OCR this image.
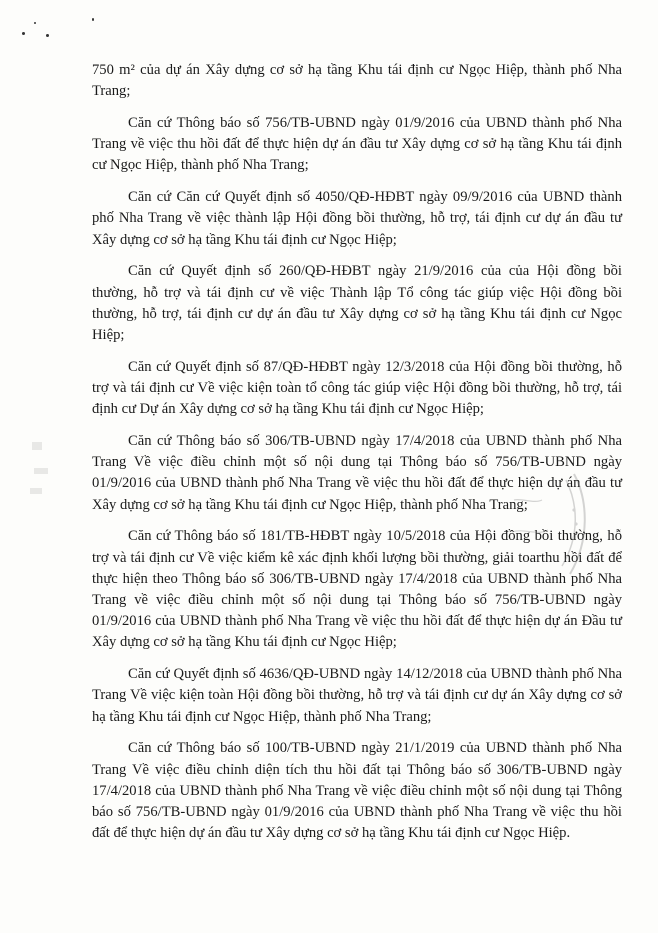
750 m² của dự án Xây dựng cơ sở hạ tầng Khu tái định cư Ngọc Hiệp, thành phố Nha Trang;

Căn cứ Thông báo số 756/TB-UBND ngày 01/9/2016 của UBND thành phố Nha Trang về việc thu hồi đất để thực hiện dự án đầu tư Xây dựng cơ sở hạ tầng Khu tái định cư Ngọc Hiệp, thành phố Nha Trang;

Căn cứ Căn cứ Quyết định số 4050/QĐ-HĐBT ngày 09/9/2016 của UBND thành phố Nha Trang về việc thành lập Hội đồng bồi thường, hỗ trợ, tái định cư dự án đầu tư Xây dựng cơ sở hạ tầng Khu tái định cư Ngọc Hiệp;

Căn cứ Quyết định số 260/QĐ-HĐBT ngày 21/9/2016 của của Hội đồng bồi thường, hỗ trợ và tái định cư về việc Thành lập Tổ công tác giúp việc Hội đồng bồi thường, hỗ trợ, tái định cư dự án đầu tư Xây dựng cơ sở hạ tầng Khu tái định cư Ngọc Hiệp;

Căn cứ Quyết định số 87/QĐ-HĐBT ngày 12/3/2018 của Hội đồng bồi thường, hỗ trợ và tái định cư Về việc kiện toàn tổ công tác giúp việc Hội đồng bồi thường, hỗ trợ, tái định cư Dự án Xây dựng cơ sở hạ tầng Khu tái định cư Ngọc Hiệp;

Căn cứ Thông báo số 306/TB-UBND ngày 17/4/2018 của UBND thành phố Nha Trang Về việc điều chỉnh một số nội dung tại Thông báo số 756/TB-UBND ngày 01/9/2016 của UBND thành phố Nha Trang về việc thu hồi đất để thực hiện dự án đầu tư Xây dựng cơ sở hạ tầng Khu tái định cư Ngọc Hiệp, thành phố Nha Trang;

Căn cứ Thông báo số 181/TB-HĐBT ngày 10/5/2018 của Hội đồng bồi thường, hỗ trợ và tái định cư Về việc kiểm kê xác định khối lượng bồi thường, giải toarthu hồi đất để thực hiện theo Thông báo số 306/TB-UBND ngày 17/4/2018 của UBND thành phố Nha Trang về việc điều chỉnh một số nội dung tại Thông báo số 756/TB-UBND ngày 01/9/2016 của UBND thành phố Nha Trang về việc thu hồi đất để thực hiện dự án Đầu tư Xây dựng cơ sở hạ tầng Khu tái định cư Ngọc Hiệp;

Căn cứ Quyết định số 4636/QĐ-UBND ngày 14/12/2018 của UBND thành phố Nha Trang Về việc kiện toàn Hội đồng bồi thường, hỗ trợ và tái định cư dự án Xây dựng cơ sở hạ tầng Khu tái định cư Ngọc Hiệp, thành phố Nha Trang;

Căn cứ Thông báo số 100/TB-UBND ngày 21/1/2019 của UBND thành phố Nha Trang Về việc điều chỉnh diện tích thu hồi đất tại Thông báo số 306/TB-UBND ngày 17/4/2018 của UBND thành phố Nha Trang về việc điều chỉnh một số nội dung tại Thông báo số 756/TB-UBND ngày 01/9/2016 của UBND thành phố Nha Trang về việc thu hồi đất để thực hiện dự án đầu tư Xây dựng cơ sở hạ tầng Khu tái định cư Ngọc Hiệp.
